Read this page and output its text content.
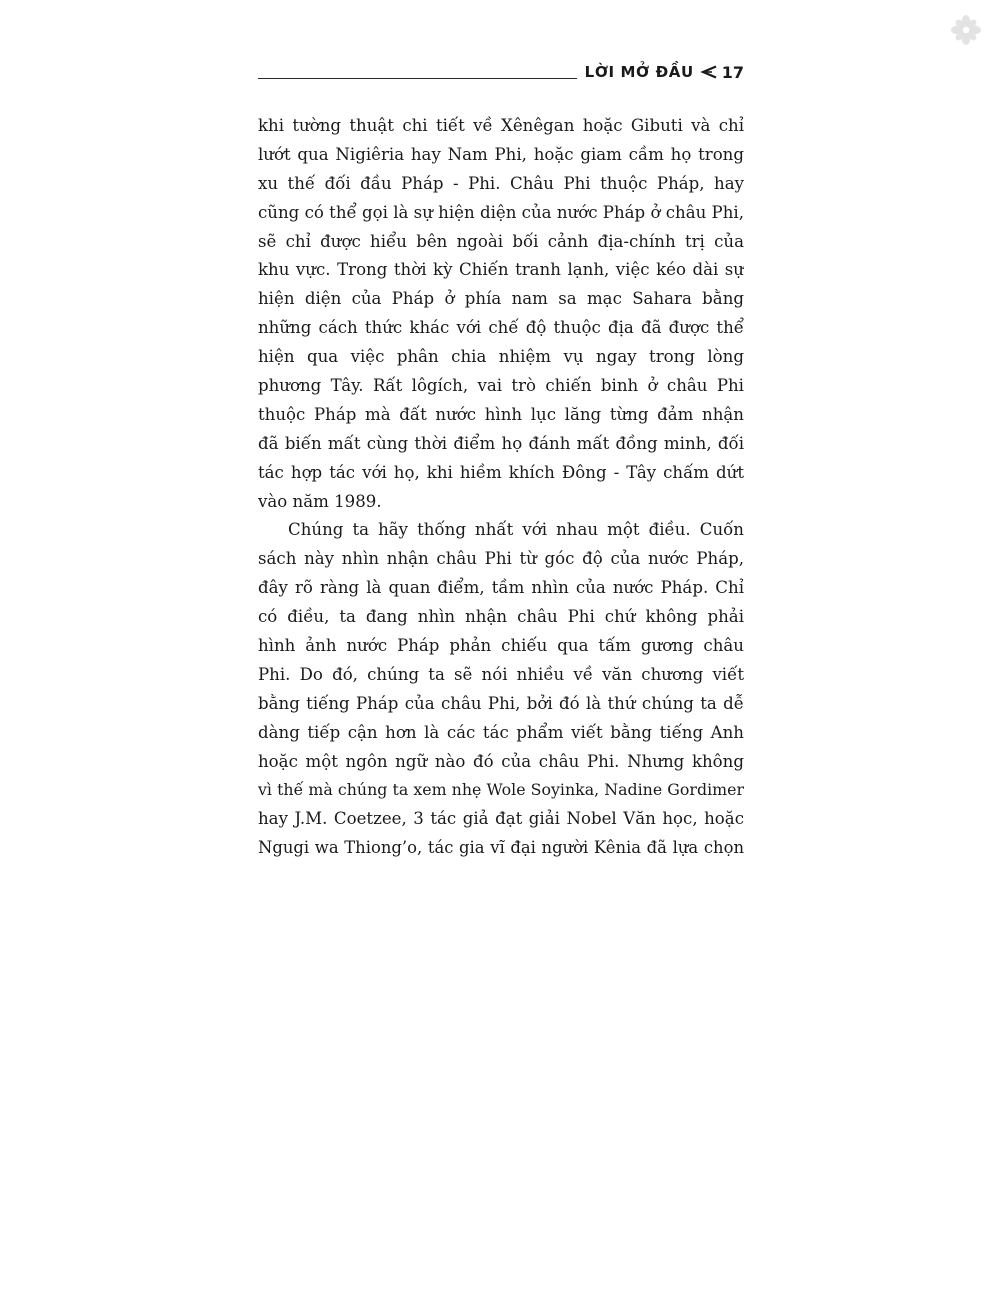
LỜI MỞ ĐẦU 17
khi tường thuật chi tiết về Xênêgan hoặc Gibuti và chỉ
lướt qua Nigiêria hay Nam Phi, hoặc giam cầm họ trong
xu thế đối đầu Pháp - Phi. Châu Phi thuộc Pháp, hay
cũng có thể gọi là sự hiện diện của nước Pháp ở châu Phi,
sẽ chỉ được hiểu bên ngoài bối cảnh địa-chính trị của
khu vực. Trong thời kỳ Chiến tranh lạnh, việc kéo dài sự
hiện diện của Pháp ở phía nam sa mạc Sahara bằng
những cách thức khác với chế độ thuộc địa đã được thể
hiện qua việc phân chia nhiệm vụ ngay trong lòng
phương Tây. Rất lôgích, vai trò chiến binh ở châu Phi
thuộc Pháp mà đất nước hình lục lăng từng đảm nhận
đã biến mất cùng thời điểm họ đánh mất đồng minh, đối
tác hợp tác với họ, khi hiềm khích Đông - Tây chấm dứt
vào năm 1989.
Chúng ta hãy thống nhất với nhau một điều. Cuốn
sách này nhìn nhận châu Phi từ góc độ của nước Pháp,
đây rõ ràng là quan điểm, tầm nhìn của nước Pháp. Chỉ
có điều, ta đang nhìn nhận châu Phi chứ không phải
hình ảnh nước Pháp phản chiếu qua tấm gương châu
Phi. Do đó, chúng ta sẽ nói nhiều về văn chương viết
bằng tiếng Pháp của châu Phi, bởi đó là thứ chúng ta dễ
dàng tiếp cận hơn là các tác phẩm viết bằng tiếng Anh
hoặc một ngôn ngữ nào đó của châu Phi. Nhưng không
vì thế mà chúng ta xem nhẹ Wole Soyinka, Nadine Gordimer
hay J.M. Coetzee, 3 tác giả đạt giải Nobel Văn học, hoặc
Ngugi wa Thiong’o, tác gia vĩ đại người Kênia đã lựa chọn
